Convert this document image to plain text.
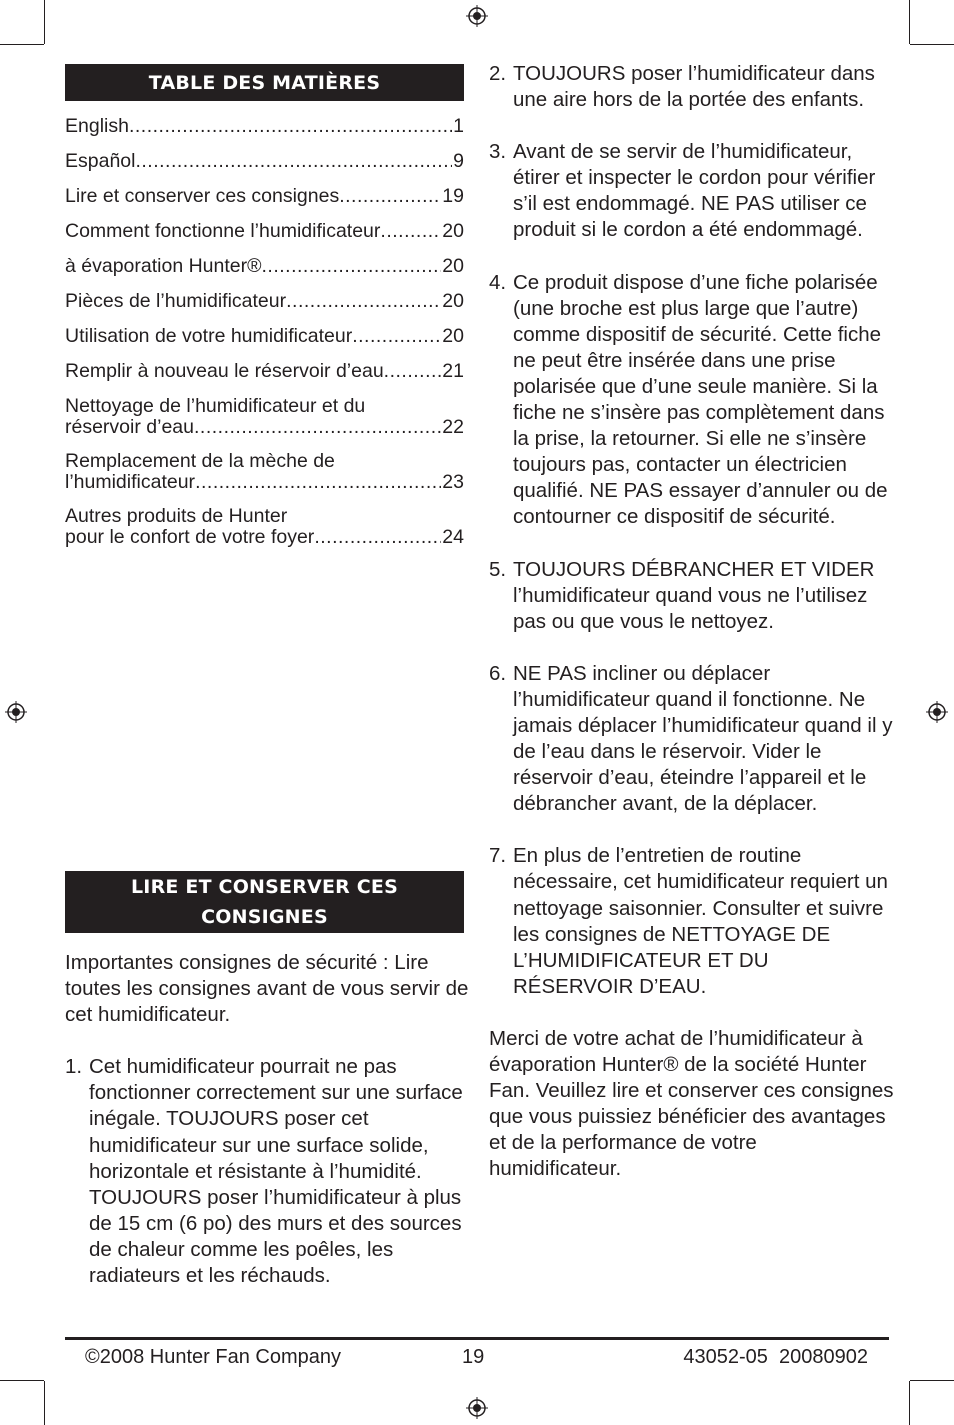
TABLE DES MATIÈRES
English .....	1
Español .....	9
Lire et conserver ces consignes .....	19
Comment fonctionne l’humidificateur .....	20
à évaporation Hunter® .....	20
Pièces de l’humidificateur .....	20
Utilisation de votre humidificateur .....	20
Remplir à nouveau le réservoir d’eau .....	21
Nettoyage de l’humidificateur et du
réservoir d’eau .....	22
Remplacement de la mèche de
l’humidificateur .....	23
Autres produits de Hunter
pour le confort de votre foyer .....	24
LIRE ET CONSERVER CES
CONSIGNES
Importantes consignes de sécurité : Lire toutes les consignes avant de vous servir de cet humidificateur.
1. Cet humidificateur pourrait ne pas fonctionner correctement sur une surface inégale. TOUJOURS poser cet humidificateur sur une surface solide, horizontale et résistante à l’humidité. TOUJOURS poser l’humidificateur à plus de 15 cm (6 po) des murs et des sources de chaleur comme les poêles, les radiateurs et les réchauds.
2. TOUJOURS poser l’humidificateur dans une aire hors de la portée des enfants.
3. Avant de se servir de l’humidificateur, étirer et inspecter le cordon pour vérifier s’il est endommagé. NE PAS utiliser ce produit si le cordon a été endommagé.
4. Ce produit dispose d’une fiche polarisée (une broche est plus large que l’autre) comme dispositif de sécurité. Cette fiche ne peut être insérée dans une prise polarisée que d’une seule manière. Si la fiche ne s’insère pas complètement dans la prise, la retourner. Si elle ne s’insère toujours pas, contacter un électricien qualifié. NE PAS essayer d’annuler ou de contourner ce dispositif de sécurité.
5. TOUJOURS DÉBRANCHER ET VIDER l’humidificateur quand vous ne l’utilisez pas ou que vous le nettoyez.
6. NE PAS incliner ou déplacer l’humidificateur quand il fonctionne. Ne jamais déplacer l’humidificateur quand il y de l’eau dans le réservoir. Vider le réservoir d’eau, éteindre l’appareil et le débrancher avant, de la déplacer.
7. En plus de l’entretien de routine nécessaire, cet humidificateur requiert un nettoyage saisonnier. Consulter et suivre les consignes de NETTOYAGE DE L’HUMIDIFICATEUR ET DU RÉSERVOIR D’EAU.
Merci de votre achat de l’humidificateur à évaporation Hunter® de la société Hunter Fan. Veuillez lire et conserver ces consignes que vous puissiez bénéficier des avantages et de la performance de votre humidificateur.
©2008 Hunter Fan Company	19	43052-05  20080902
